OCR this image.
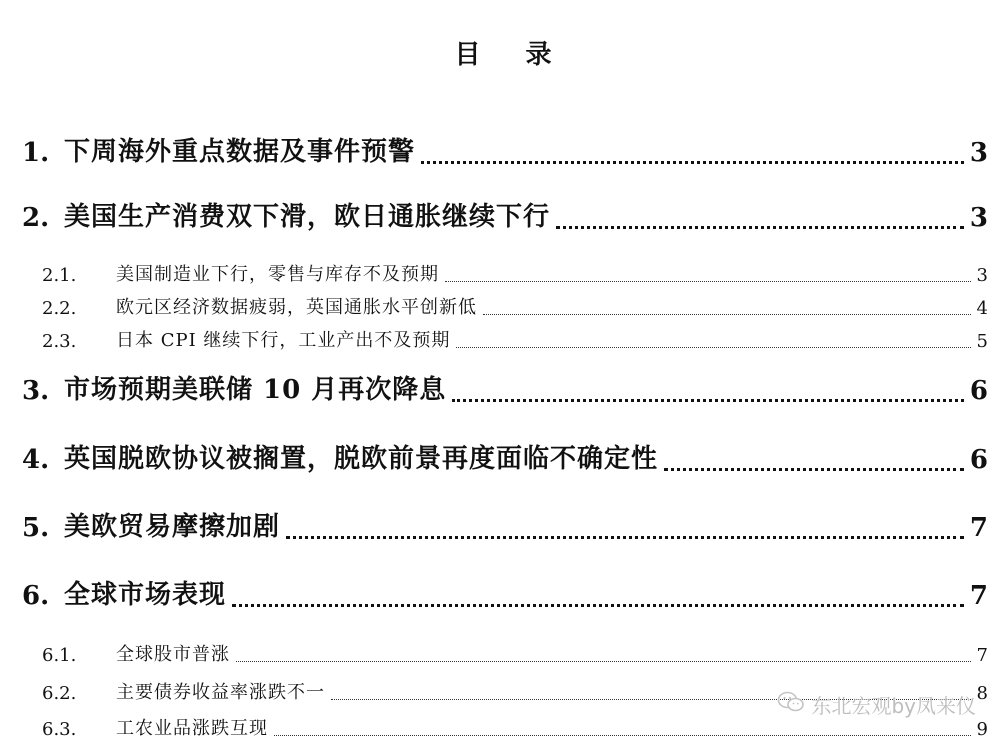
目 录
1. 下周海外重点数据及事件预警	3
2. 美国生产消费双下滑，欧日通胀继续下行	3
2.1. 美国制造业下行，零售与库存不及预期	3
2.2. 欧元区经济数据疲弱，英国通胀水平创新低	4
2.3. 日本 CPI 继续下行，工业产出不及预期	5
3. 市场预期美联储 10 月再次降息	6
4. 英国脱欧协议被搁置，脱欧前景再度面临不确定性	6
5. 美欧贸易摩擦加剧	7
6. 全球市场表现	7
6.1. 全球股市普涨	7
6.2. 主要债券收益率涨跌不一	8
6.3. 工农业品涨跌互现	9
东北宏观by凤来仪
